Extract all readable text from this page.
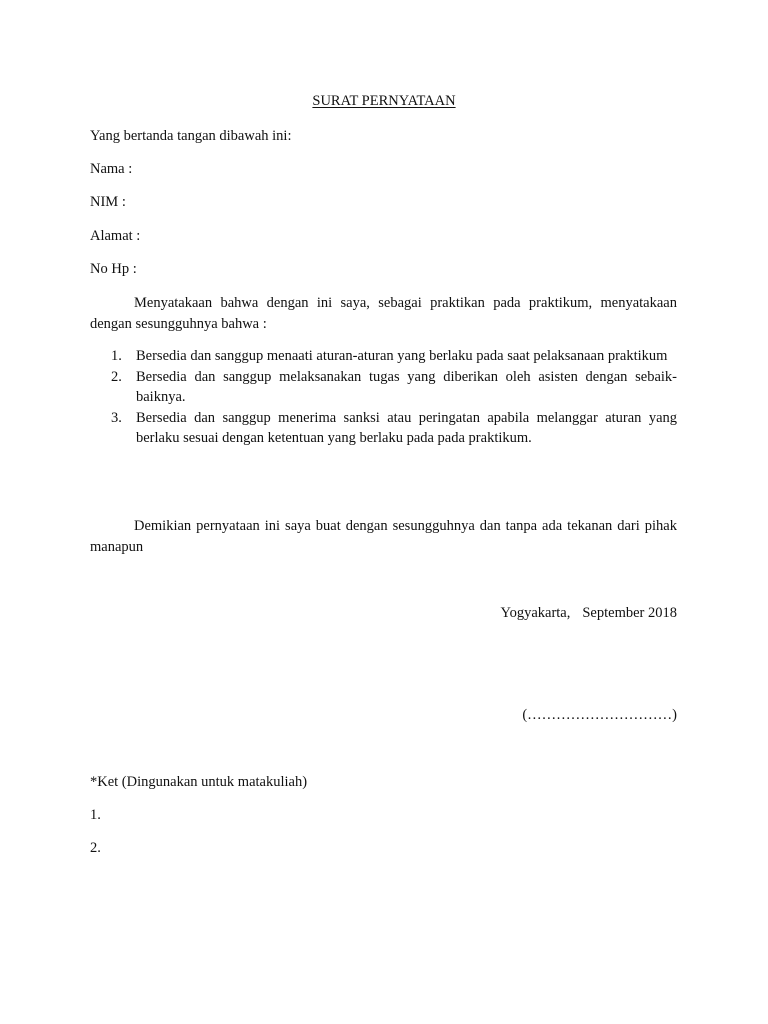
SURAT PERNYATAAN
Yang bertanda tangan dibawah ini:
Nama :
NIM :
Alamat :
No Hp :
Menyatakaan bahwa dengan ini saya, sebagai praktikan pada praktikum, menyatakaan dengan sesungguhnya bahwa :
1. Bersedia dan sanggup menaati aturan-aturan yang berlaku pada saat pelaksanaan praktikum
2. Bersedia dan sanggup melaksanakan tugas yang diberikan oleh asisten dengan sebaik-baiknya.
3. Bersedia dan sanggup menerima sanksi atau peringatan apabila melanggar aturan yang berlaku sesuai dengan ketentuan yang berlaku pada pada praktikum.
Demikian pernyataan ini saya buat dengan sesungguhnya dan tanpa ada tekanan dari pihak manapun
Yogyakarta, September 2018
(…………………………)
*Ket (Dingunakan untuk matakuliah)
1.
2.
